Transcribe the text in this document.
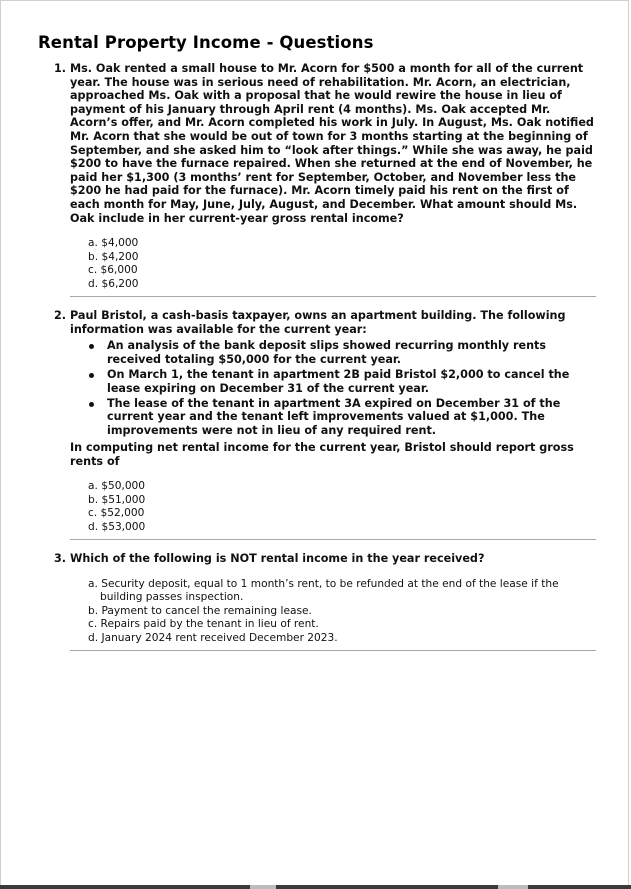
Rental Property Income - Questions
1. Ms. Oak rented a small house to Mr. Acorn for $500 a month for all of the current year. The house was in serious need of rehabilitation. Mr. Acorn, an electrician, approached Ms. Oak with a proposal that he would rewire the house in lieu of payment of his January through April rent (4 months). Ms. Oak accepted Mr. Acorn’s offer, and Mr. Acorn completed his work in July. In August, Ms. Oak notified Mr. Acorn that she would be out of town for 3 months starting at the beginning of September, and she asked him to “look after things.” While she was away, he paid $200 to have the furnace repaired. When she returned at the end of November, he paid her $1,300 (3 months’ rent for September, October, and November less the $200 he had paid for the furnace). Mr. Acorn timely paid his rent on the first of each month for May, June, July, August, and December. What amount should Ms. Oak include in her current-year gross rental income?

a. $4,000
b. $4,200
c. $6,000
d. $6,200
2. Paul Bristol, a cash-basis taxpayer, owns an apartment building. The following information was available for the current year:

An analysis of the bank deposit slips showed recurring monthly rents received totaling $50,000 for the current year.
On March 1, the tenant in apartment 2B paid Bristol $2,000 to cancel the lease expiring on December 31 of the current year.
The lease of the tenant in apartment 3A expired on December 31 of the current year and the tenant left improvements valued at $1,000. The improvements were not in lieu of any required rent.

In computing net rental income for the current year, Bristol should report gross rents of

a. $50,000
b. $51,000
c. $52,000
d. $53,000
3. Which of the following is NOT rental income in the year received?

a. Security deposit, equal to 1 month’s rent, to be refunded at the end of the lease if the building passes inspection.
b. Payment to cancel the remaining lease.
c. Repairs paid by the tenant in lieu of rent.
d. January 2024 rent received December 2023.
